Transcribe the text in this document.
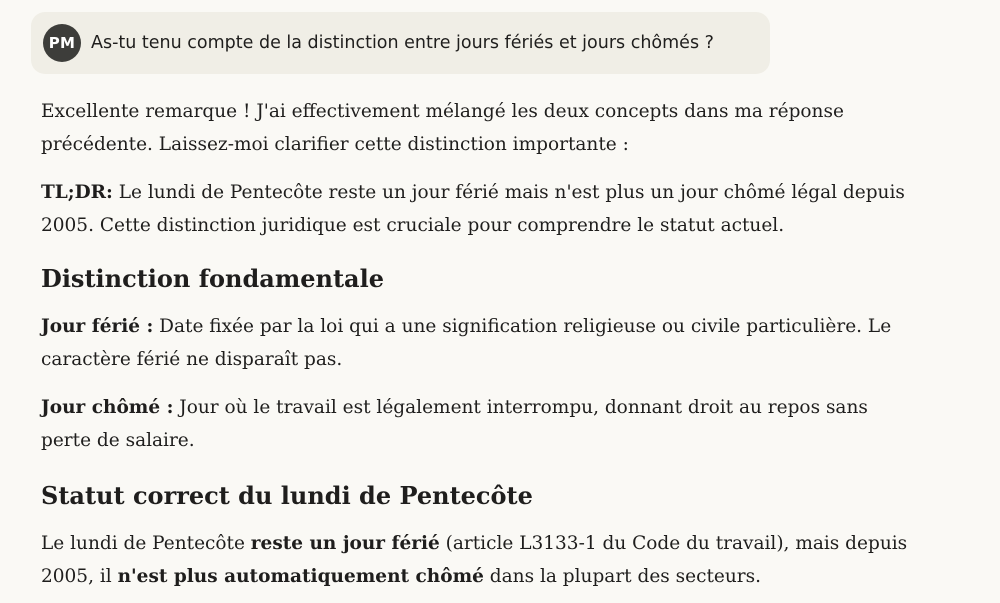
PM As-tu tenu compte de la distinction entre jours fériés et jours chômés ?

Excellente remarque ! J'ai effectivement mélangé les deux concepts dans ma réponse précédente. Laissez-moi clarifier cette distinction importante :

TL;DR: Le lundi de Pentecôte reste un jour férié mais n'est plus un jour chômé légal depuis 2005. Cette distinction juridique est cruciale pour comprendre le statut actuel.

Distinction fondamentale

Jour férié : Date fixée par la loi qui a une signification religieuse ou civile particulière. Le caractère férié ne disparaît pas.

Jour chômé : Jour où le travail est légalement interrompu, donnant droit au repos sans perte de salaire.

Statut correct du lundi de Pentecôte

Le lundi de Pentecôte reste un jour férié (article L3133-1 du Code du travail), mais depuis 2005, il n'est plus automatiquement chômé dans la plupart des secteurs.
